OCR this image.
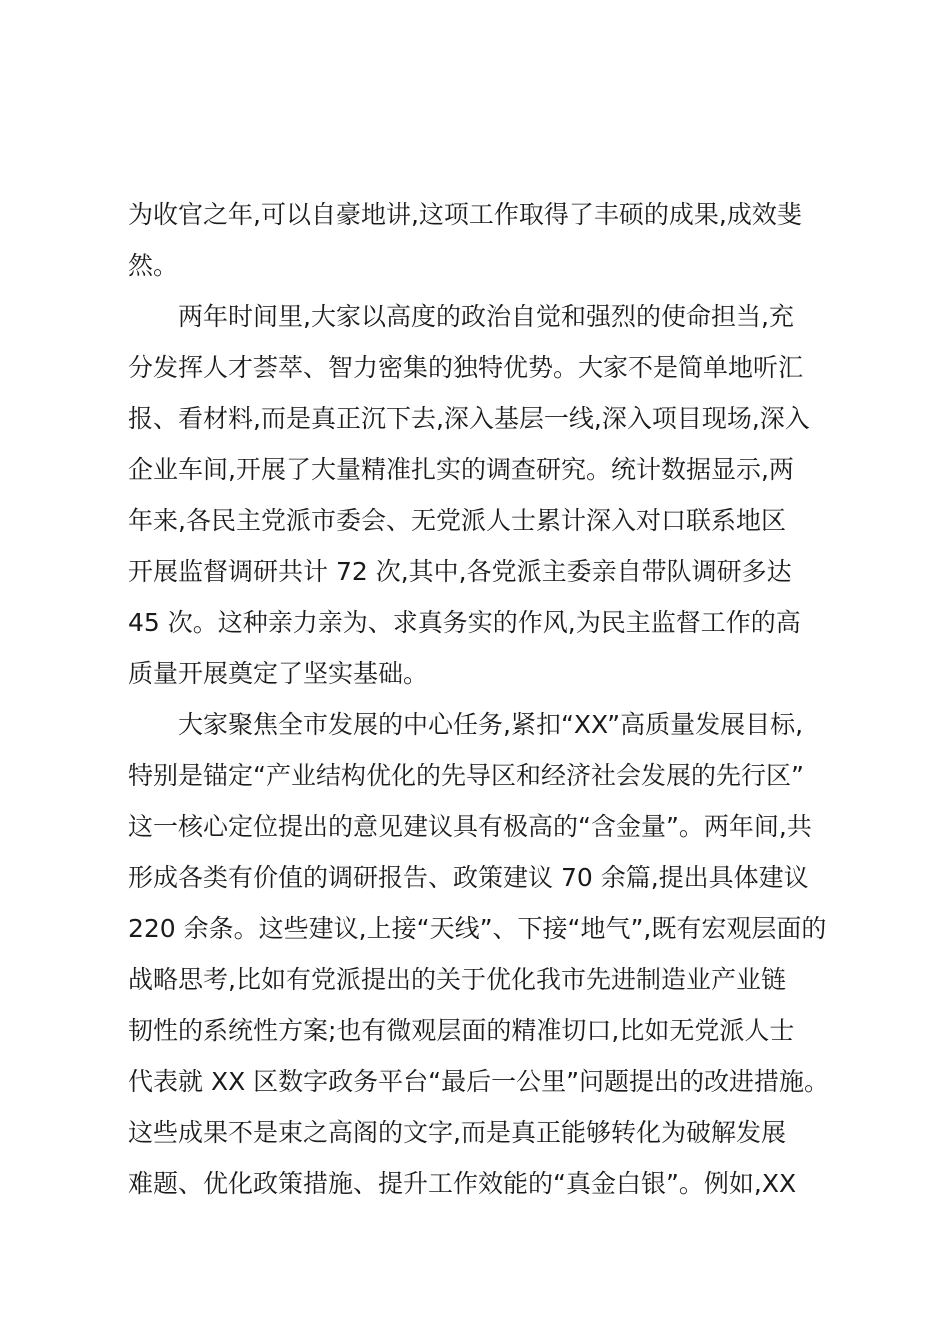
为收官之年,可以自豪地讲,这项工作取得了丰硕的成果,成效斐
然。
两年时间里,大家以高度的政治自觉和强烈的使命担当,充
分发挥人才荟萃、智力密集的独特优势。大家不是简单地听汇
报、看材料,而是真正沉下去,深入基层一线,深入项目现场,深入
企业车间,开展了大量精准扎实的调查研究。统计数据显示,两
年来,各民主党派市委会、无党派人士累计深入对口联系地区
开展监督调研共计 72 次,其中,各党派主委亲自带队调研多达
45 次。这种亲力亲为、求真务实的作风,为民主监督工作的高
质量开展奠定了坚实基础。
大家聚焦全市发展的中心任务,紧扣“XX”高质量发展目标,
特别是锚定“产业结构优化的先导区和经济社会发展的先行区”
这一核心定位提出的意见建议具有极高的“含金量”。两年间,共
形成各类有价值的调研报告、政策建议 70 余篇,提出具体建议
220 余条。这些建议,上接“天线”、下接“地气”,既有宏观层面的
战略思考,比如有党派提出的关于优化我市先进制造业产业链
韧性的系统性方案;也有微观层面的精准切口,比如无党派人士
代表就 XX 区数字政务平台“最后一公里”问题提出的改进措施。
这些成果不是束之高阁的文字,而是真正能够转化为破解发展
难题、优化政策措施、提升工作效能的“真金白银”。例如,XX
